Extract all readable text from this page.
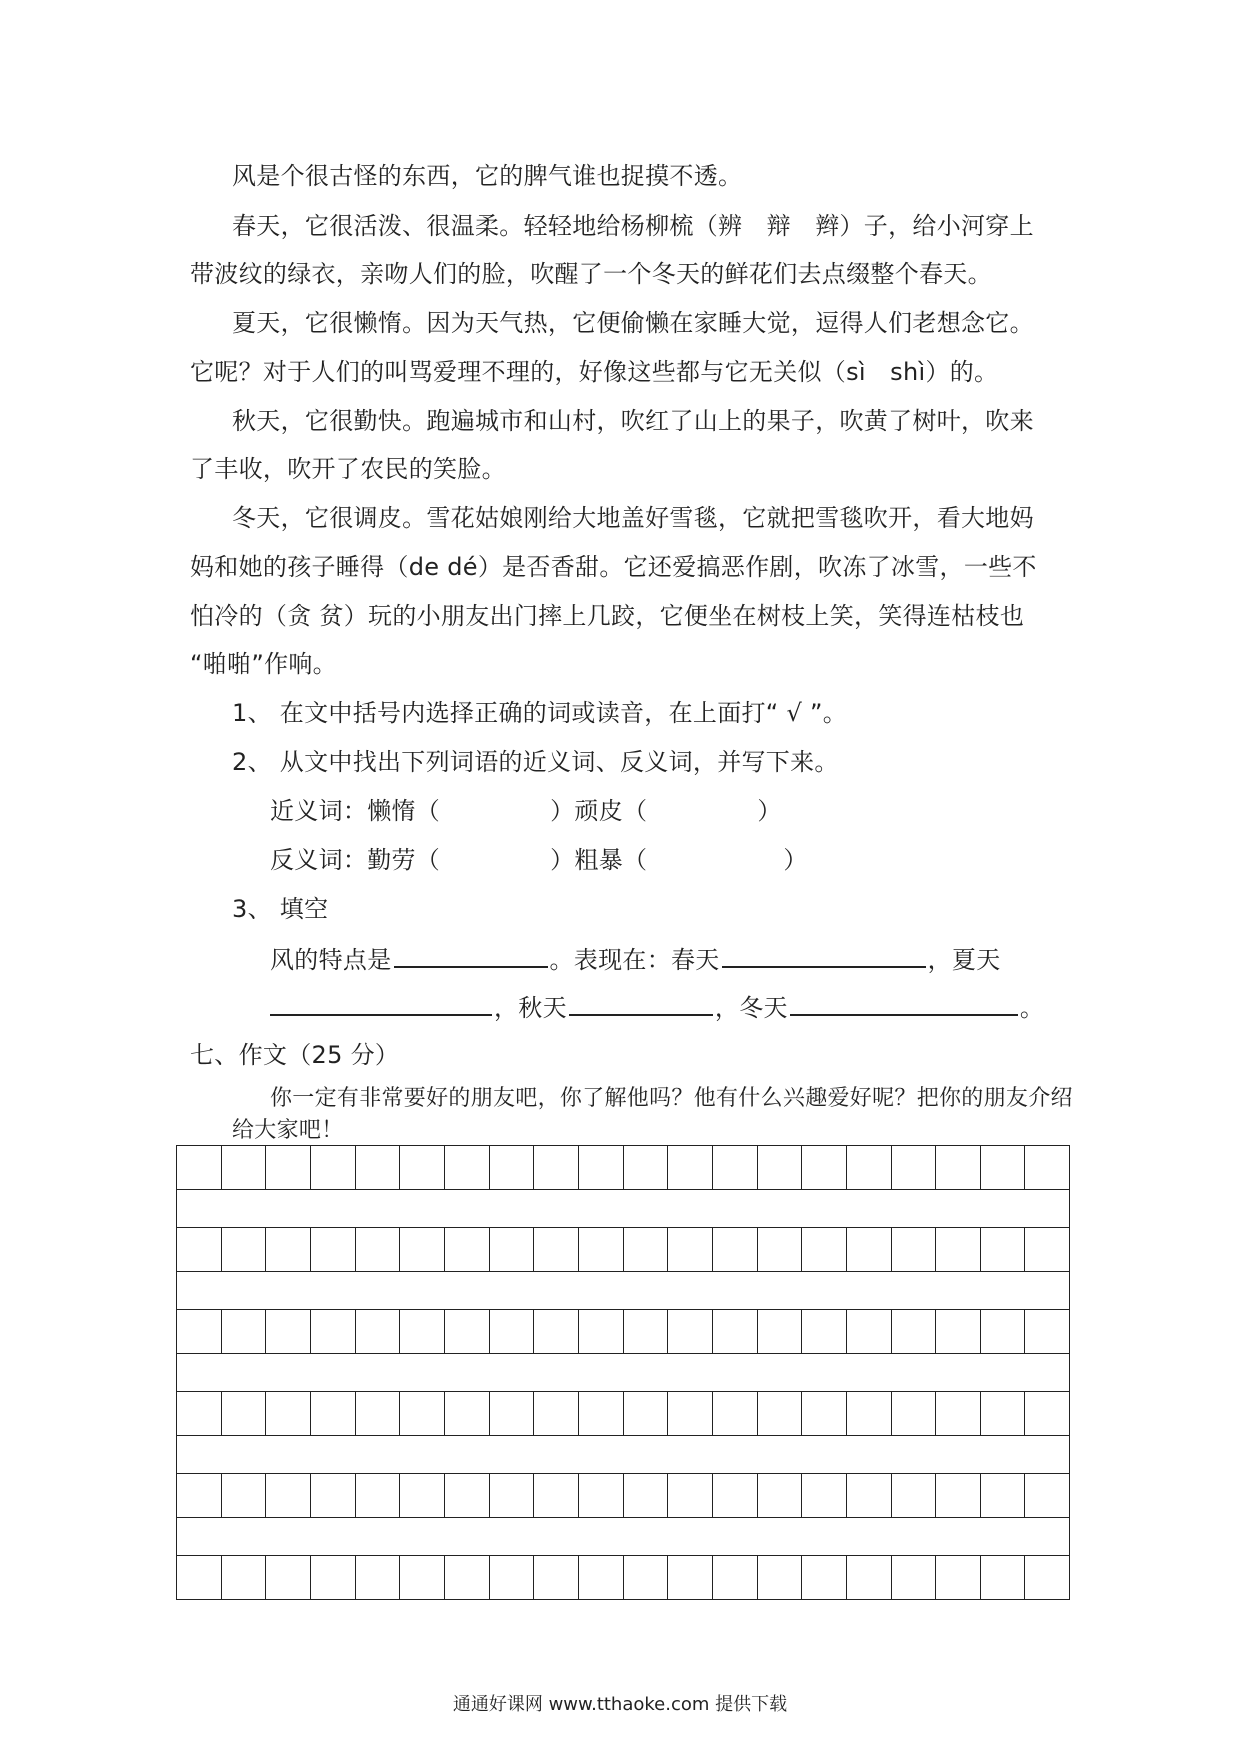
风是个很古怪的东西，它的脾气谁也捉摸不透。
春天，它很活泼、很温柔。轻轻地给杨柳梳（辨　辩　辫）子，给小河穿上
带波纹的绿衣，亲吻人们的脸，吹醒了一个冬天的鲜花们去点缀整个春天。
夏天，它很懒惰。因为天气热，它便偷懒在家睡大觉，逗得人们老想念它。
它呢？对于人们的叫骂爱理不理的，好像这些都与它无关似（sì　shì）的。
秋天，它很勤快。跑遍城市和山村，吹红了山上的果子，吹黄了树叶，吹来
了丰收，吹开了农民的笑脸。
冬天，它很调皮。雪花姑娘刚给大地盖好雪毯，它就把雪毯吹开，看大地妈
妈和她的孩子睡得（de dé）是否香甜。它还爱搞恶作剧，吹冻了冰雪，一些不
怕冷的（贪 贫）玩的小朋友出门摔上几跤，它便坐在树枝上笑，笑得连枯枝也
“啪啪”作响。
1、 在文中括号内选择正确的词或读音，在上面打“ √ ”。
2、 从文中找出下列词语的近义词、反义词，并写下来。
近义词：懒惰（	）顽皮（	）
反义词：勤劳（	）粗暴（	）
3、 填空
风的特点是	。表现在：春天	，夏天
，秋天	，冬天	。
七、作文（25 分）
你一定有非常要好的朋友吧，你了解他吗？他有什么兴趣爱好呢？把你的朋友介绍
给大家吧！
通通好课网 www.tthaoke.com 提供下载
